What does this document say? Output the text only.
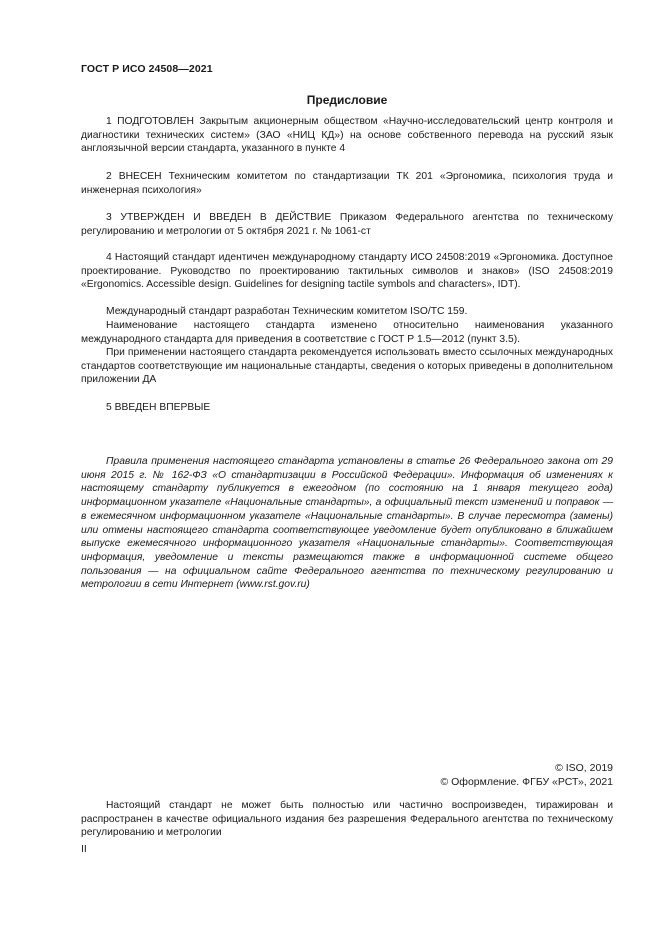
ГОСТ Р ИСО 24508—2021
Предисловие

1 ПОДГОТОВЛЕН Закрытым акционерным обществом «Научно-исследовательский центр контроля и диагностики технических систем» (ЗАО «НИЦ КД») на основе собственного перевода на русский язык англоязычной версии стандарта, указанного в пункте 4

2 ВНЕСЕН Техническим комитетом по стандартизации ТК 201 «Эргономика, психология труда и инженерная психология»

3 УТВЕРЖДЕН И ВВЕДЕН В ДЕЙСТВИЕ Приказом Федерального агентства по техническому регулированию и метрологии от 5 октября 2021 г. № 1061-ст

4 Настоящий стандарт идентичен международному стандарту ИСО 24508:2019 «Эргономика. Доступное проектирование. Руководство по проектированию тактильных символов и знаков» (ISO 24508:2019 «Ergonomics. Accessible design. Guidelines for designing tactile symbols and characters», IDT).

Международный стандарт разработан Техническим комитетом ISO/TC 159.

Наименование настоящего стандарта изменено относительно наименования указанного международного стандарта для приведения в соответствие с ГОСТ Р 1.5—2012 (пункт 3.5).

При применении настоящего стандарта рекомендуется использовать вместо ссылочных международных стандартов соответствующие им национальные стандарты, сведения о которых приведены в дополнительном приложении ДА

5 ВВЕДЕН ВПЕРВЫЕ

Правила применения настоящего стандарта установлены в статье 26 Федерального закона от 29 июня 2015 г. № 162-ФЗ «О стандартизации в Российской Федерации». Информация об изменениях к настоящему стандарту публикуется в ежегодном (по состоянию на 1 января текущего года) информационном указателе «Национальные стандарты», а официальный текст изменений и поправок — в ежемесячном информационном указателе «Национальные стандарты». В случае пересмотра (замены) или отмены настоящего стандарта соответствующее уведомление будет опубликовано в ближайшем выпуске ежемесячного информационного указателя «Национальные стандарты». Соответствующая информация, уведомление и тексты размещаются также в информационной системе общего пользования — на официальном сайте Федерального агентства по техническому регулированию и метрологии в сети Интернет (www.rst.gov.ru)

© ISO, 2019
© Оформление. ФГБУ «РСТ», 2021

Настоящий стандарт не может быть полностью или частично воспроизведен, тиражирован и распространен в качестве официального издания без разрешения Федерального агентства по техническому регулированию и метрологии

II
